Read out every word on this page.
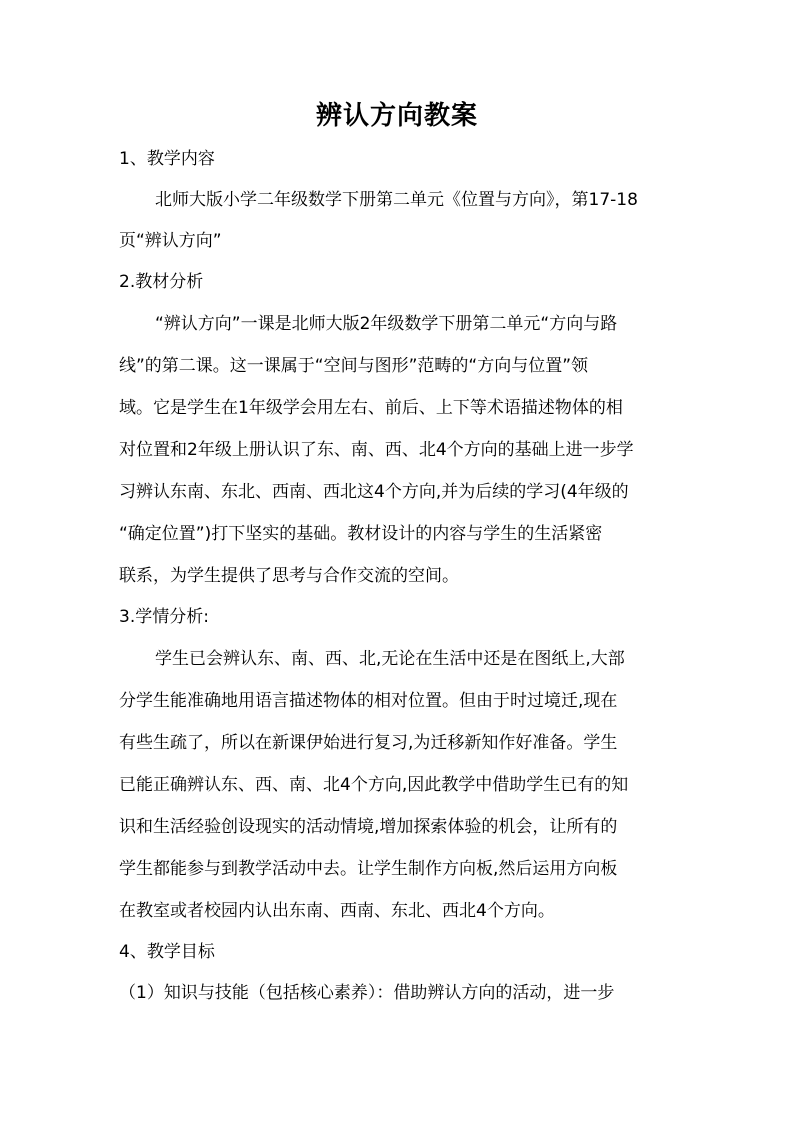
辨认方向教案
1、教学内容
北师大版小学二年级数学下册第二单元《位置与方向》，第17-18
页“辨认方向”
2.教材分析
“辨认方向”一课是北师大版2年级数学下册第二单元“方向与路
线”的第二课。这一课属于“空间与图形”范畴的“方向与位置”领
域。它是学生在1年级学会用左右、前后、上下等术语描述物体的相
对位置和2年级上册认识了东、南、西、北4个方向的基础上进一步学
习辨认东南、东北、西南、西北这4个方向,并为后续的学习(4年级的
“确定位置”)打下坚实的基础。教材设计的内容与学生的生活紧密
联系，为学生提供了思考与合作交流的空间。
3.学情分析:
学生已会辨认东、南、西、北,无论在生活中还是在图纸上,大部
分学生能准确地用语言描述物体的相对位置。但由于时过境迁,现在
有些生疏了，所以在新课伊始进行复习,为迁移新知作好准备。学生
已能正确辨认东、西、南、北4个方向,因此教学中借助学生已有的知
识和生活经验创设现实的活动情境,增加探索体验的机会，让所有的
学生都能参与到教学活动中去。让学生制作方向板,然后运用方向板
在教室或者校园内认出东南、西南、东北、西北4个方向。
4、教学目标
（1）知识与技能（包括核心素养）：借助辨认方向的活动，进一步
